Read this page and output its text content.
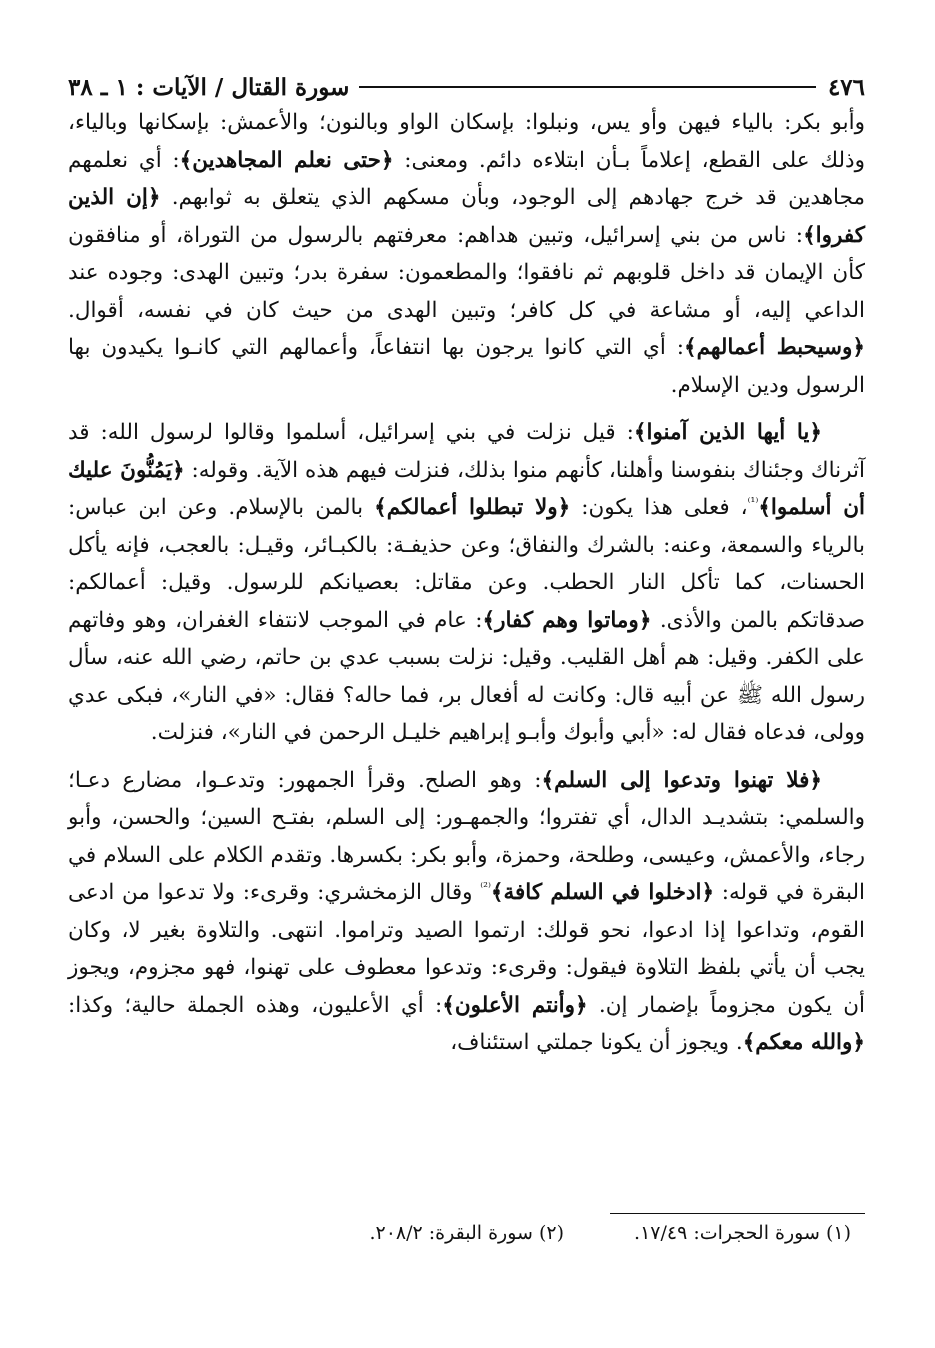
٤٧٦
سورة القتال / الآيات : ١ ـ ٣٨

وأبو بكر: بالياء فيهن وأو يس، ونبلوا: بإسكان الواو وبالنون؛ والأعمش: بإسكانها وبالياء، وذلك على القطع، إعلاماً بـأن ابتلاءه دائم. ومعنى: ﴿حتى نعلم المجاهدين﴾: أي نعلمهم مجاهدين قد خرج جهادهم إلى الوجود، وبأن مسكهم الذي يتعلق به ثوابهم. ﴿إن الذين كفروا﴾: ناس من بني إسرائيل، وتبين هداهم: معرفتهم بالرسول من التوراة، أو منافقون كأن الإيمان قد داخل قلوبهم ثم نافقوا؛ والمطعمون: سفرة بدر؛ وتبين الهدى: وجوده عند الداعي إليه، أو مشاعة في كل كافر؛ وتبين الهدى من حيث كان في نفسه، أقوال. ﴿وسيحبط أعمالهم﴾: أي التي كانوا يرجون بها انتفاعاً، وأعمالهم التي كانـوا يكيدون بها الرسول ودين الإسلام.

﴿يا أيها الذين آمنوا﴾: قيل نزلت في بني إسرائيل، أسلموا وقالوا لرسول الله: قد آثرناك وجئناك بنفوسنا وأهلنا، كأنهم منوا بذلك، فنزلت فيهم هذه الآية. وقوله: ﴿يَمُنُّونَ عليك أن أسلموا﴾$^{^{(1)}}$، فعلى هذا يكون: ﴿ولا تبطلوا أعمالكم﴾ بالمن بالإسلام. وعن ابن عباس: بالرياء والسمعة، وعنه: بالشرك والنفاق؛ وعن حذيفـة: بالكبـائر، وقيـل: بالعجب، فإنه يأكل الحسنات، كما تأكل النار الحطب. وعن مقاتل: بعصيانكم للرسول. وقيل: أعمالكم: صدقاتكم بالمن والأذى. ﴿وماتوا وهم كفار﴾: عام في الموجب لانتفاء الغفران، وهو وفاتهم على الكفر. وقيل: هم أهل القليب. وقيل: نزلت بسبب عدي بن حاتم، رضي الله عنه، سأل رسول الله ﷺ عن أبيه قال: وكانت له أفعال بر، فما حاله؟ فقال: «في النار»، فبكى عدي وولى، فدعاه فقال له: «أبي وأبوك وأبـو إبراهيم خليـل الرحمن في النار»، فنزلت.

﴿فلا تهنوا وتدعوا إلى السلم﴾: وهو الصلح. وقرأ الجمهور: وتدعـوا، مضارع دعـا؛ والسلمي: بتشديـد الدال، أي تفتروا؛ والجمهـور: إلى السلم، بفتـح السين؛ والحسن، وأبو رجاء، والأعمش، وعيسى، وطلحة، وحمزة، وأبو بكر: بكسرها. وتقدم الكلام على السلام في البقرة في قوله: ﴿ادخلوا في السلم كافة﴾$^{^{(2)}}$ وقال الزمخشري: وقرىء: ولا تدعوا من ادعى القوم، وتداعوا إذا ادعوا، نحو قولك: ارتموا الصيد وتراموا. انتهى. والتلاوة بغير لا، وكان يجب أن يأتي بلفظ التلاوة فيقول: وقرىء: وتدعوا معطوف على تهنوا، فهو مجزوم، ويجوز أن يكون مجزوماً بإضمار إن. ﴿وأنتم الأعلون﴾: أي الأعليون، وهذه الجملة حالية؛ وكذا: ﴿والله معكم﴾. ويجوز أن يكونا جملتي استئناف،

(١) سورة الحجرات: ١٧/٤٩.
(٢) سورة البقرة: ٢٠٨/٢.
